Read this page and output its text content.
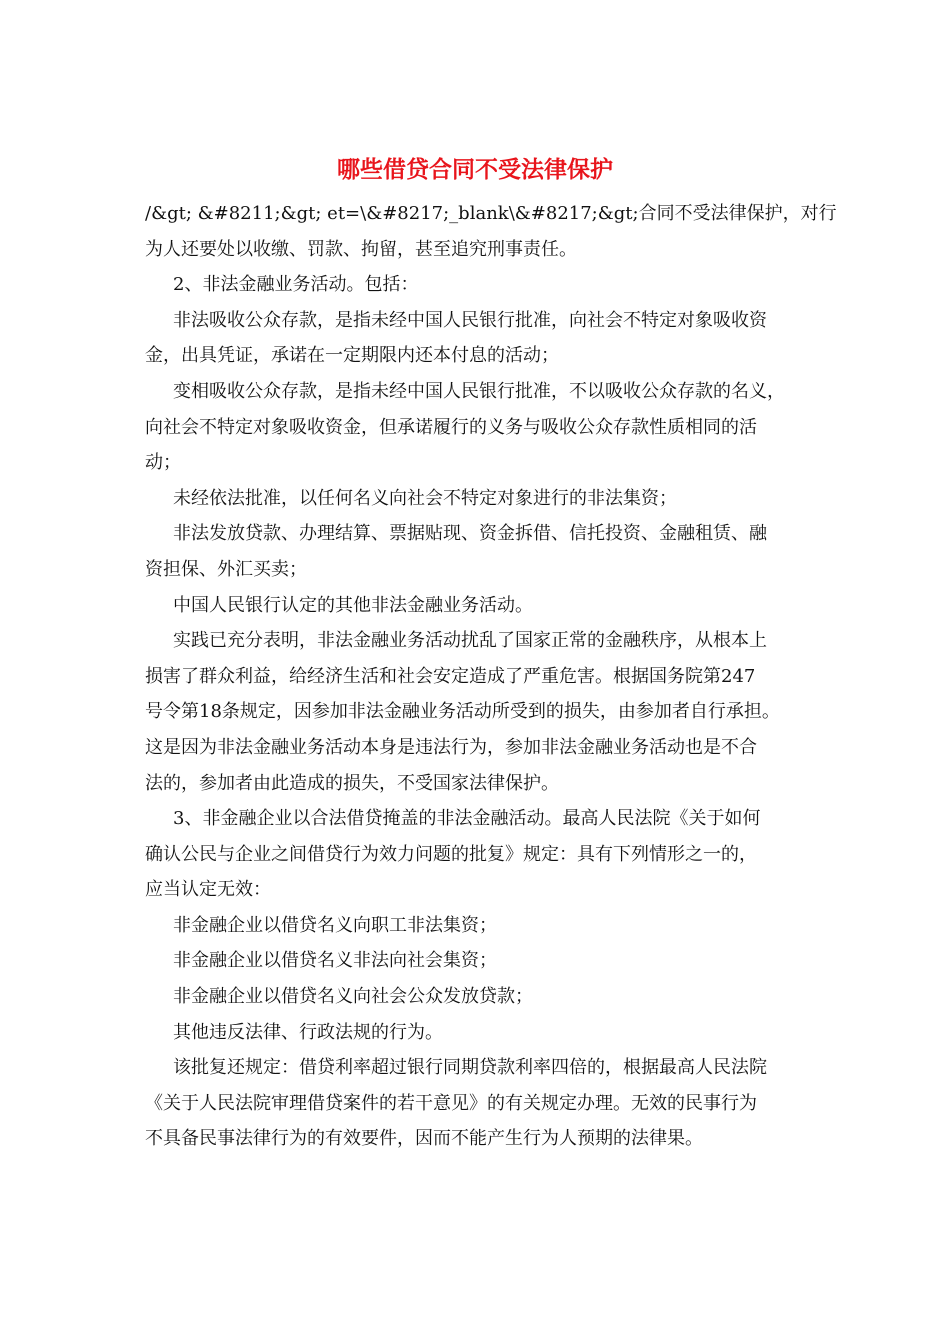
哪些借贷合同不受法律保护
/&gt; &#8211;&gt; et=\&#8217;_blank\&#8217;&gt;合同不受法律保护，对行
为人还要处以收缴、罚款、拘留，甚至追究刑事责任。
2、非法金融业务活动。包括：
非法吸收公众存款，是指未经中国人民银行批准，向社会不特定对象吸收资
金，出具凭证，承诺在一定期限内还本付息的活动；
变相吸收公众存款，是指未经中国人民银行批准，不以吸收公众存款的名义，
向社会不特定对象吸收资金，但承诺履行的义务与吸收公众存款性质相同的活
动；
未经依法批准，以任何名义向社会不特定对象进行的非法集资；
非法发放贷款、办理结算、票据贴现、资金拆借、信托投资、金融租赁、融
资担保、外汇买卖；
中国人民银行认定的其他非法金融业务活动。
实践已充分表明，非法金融业务活动扰乱了国家正常的金融秩序，从根本上
损害了群众利益，给经济生活和社会安定造成了严重危害。根据国务院第247
号令第18条规定，因参加非法金融业务活动所受到的损失，由参加者自行承担。
这是因为非法金融业务活动本身是违法行为，参加非法金融业务活动也是不合
法的，参加者由此造成的损失，不受国家法律保护。
3、非金融企业以合法借贷掩盖的非法金融活动。最高人民法院《关于如何
确认公民与企业之间借贷行为效力问题的批复》规定：具有下列情形之一的，
应当认定无效：
非金融企业以借贷名义向职工非法集资；
非金融企业以借贷名义非法向社会集资；
非金融企业以借贷名义向社会公众发放贷款；
其他违反法律、行政法规的行为。
该批复还规定：借贷利率超过银行同期贷款利率四倍的，根据最高人民法院
《关于人民法院审理借贷案件的若干意见》的有关规定办理。无效的民事行为
不具备民事法律行为的有效要件，因而不能产生行为人预期的法律果。
